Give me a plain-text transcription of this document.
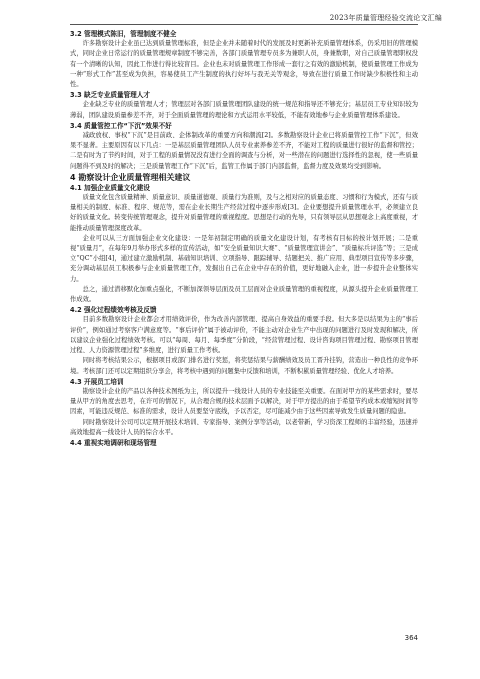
2023年质量管理经验交流论文汇编
3.2 管理模式陈旧，管理制度不健全

许多勘察设计企业虽已达到质量管理标准，但是企业并未随着时代的发展及时更新补充质量管理体系，仍采用旧的管理模式，同时企业日常运行的质量管理规章制度不够完善，各部门质量管理专员多为兼职人员，身兼数职，对自己质量管理职权没有一个清晰的认知，因此工作进行得比较盲目。企业也未对质量管理工作形成一套行之有效的激励机制，使质量管理工作成为一种“形式工作”甚至成为负担，容易使员工产生制度的执行好坏与我无关等观念，导致在进行质量工作时缺少积极性和主动性。

3.3 缺乏专业质量管理人才

企业缺乏专业的质量管理人才；管理层对各部门质量管理团队建设的统一规范和指导还不够充分；基层员工专业知识较为薄弱，团队建设质量参差不齐，对于全面质量管理的理论和方式运用水平较低，不能有效地参与企业质量管理体系建设。

3.4 质量管控工作“下沉”效果不好

减政放权、事权“下沉”是目前政、企体制改革的重要方向和潮流[2]。多数勘察设计企业已将质量管控工作“下沉”，但效果不显著。主要原因有以下几点：一是基层质量管理团队人员专业素养参差不齐，不能对工程的质量进行很好的监督和管控；二是有时为了节约时间，对于工程的质量情况没有进行全面的调查与分析，对一些潜在的问题进行选择性的忽视，使一些质量问题得不到及时的解决；三是质量管理工作“下沉”后，监管工作属于部门内部监督，监督力度及效果均受到影响。

4 勘察设计企业质量管理相关建议
4.1 加强企业质量文化建设

质量文化包含质量精神、质量意识、质量道德观、质量行为准则，及与之相对应的质量态度、习惯和行为模式，还有与质量相关的制度、标准、程序、规范等，需在企业长期生产经营过程中逐步形成[3]。企业要想提升质量管理水平，必须建立良好的质量文化。转变传统管理观念，提升对质量管理的重视程度。思想是行动的先导，只有领导层从思想观念上高度重视，才能推动质量管理深度改革。

企业可以从三方面加强企业文化建设：一是年初制定明确的质量文化建设计划，有考核有目标的按计划开展；二是重视“质量月”，在每年9月举办形式多样的宣传活动，如“安全质量知识大赛”、“质量管理宣讲会”、“质量标兵评选”等；三是成立“QC”小组[4]，通过建立激励机制、基础知识培训、立项指导、跟踪辅导、结题把关、推广应用、典型项目宣传等多步骤，充分调动基层员工积极参与企业质量管理工作，发掘出自己在企业中存在的价值，更好地融入企业，进一步提升企业整体实力。

总之，通过潜移默化加重点强化，不断加深领导层面及员工层面对企业质量管理的重视程度，从源头提升企业质量管理工作成效。

4.2 强化过程绩效考核及反馈

目前多数勘察设计企业都会才用绩效评价，作为改善内部管理、提高自身效益的重要手段。但大多是以结果为主的“事后评价”，例如通过考察客户满意度等。“事后评价”属于被动评价，不能主动对企业生产中出现的问题进行及时发现和解决，所以建议企业强化过程绩效考核。可以“每周、每月、每季度”分阶段，“经营管理过程、设计咨询项目管理过程、勘察项目管理过程、人力资源管理过程”多维度，进行质量工作考核。

同时将考核结果公示，根据项目或部门排名进行奖惩，将奖惩结果与薪酬绩效及员工晋升挂钩，营造出一种良性的竞争环境。考核部门还可以定期组织分享会，将考核中遇到的问题集中反馈和培训，不断积累质量管理经验、优化人才培养。

4.3 开展员工培训

勘察设计企业的产品以各种技术图纸为主，所以提升一线设计人员的专业技能至关重要。在面对甲方的某些需求时，要尽量从甲方的角度去思考，在许可的情况下，从合理合规的技术层面予以解决，对于甲方提出的由于希望节约成本或缩短时间等因素，可能违反规范、标准的需求，设计人员要坚守底线，予以否定，尽可能减少由于这些因素导致发生质量问题的隐患。

同时勘察设计公司可以定期开展技术培训、专家指导、案例分享等活动，以老带新，学习资深工程师的丰富经验，迅速并高效地提高一线设计人员的综合水平。

4.4 重视实地调研和现场管理
364
